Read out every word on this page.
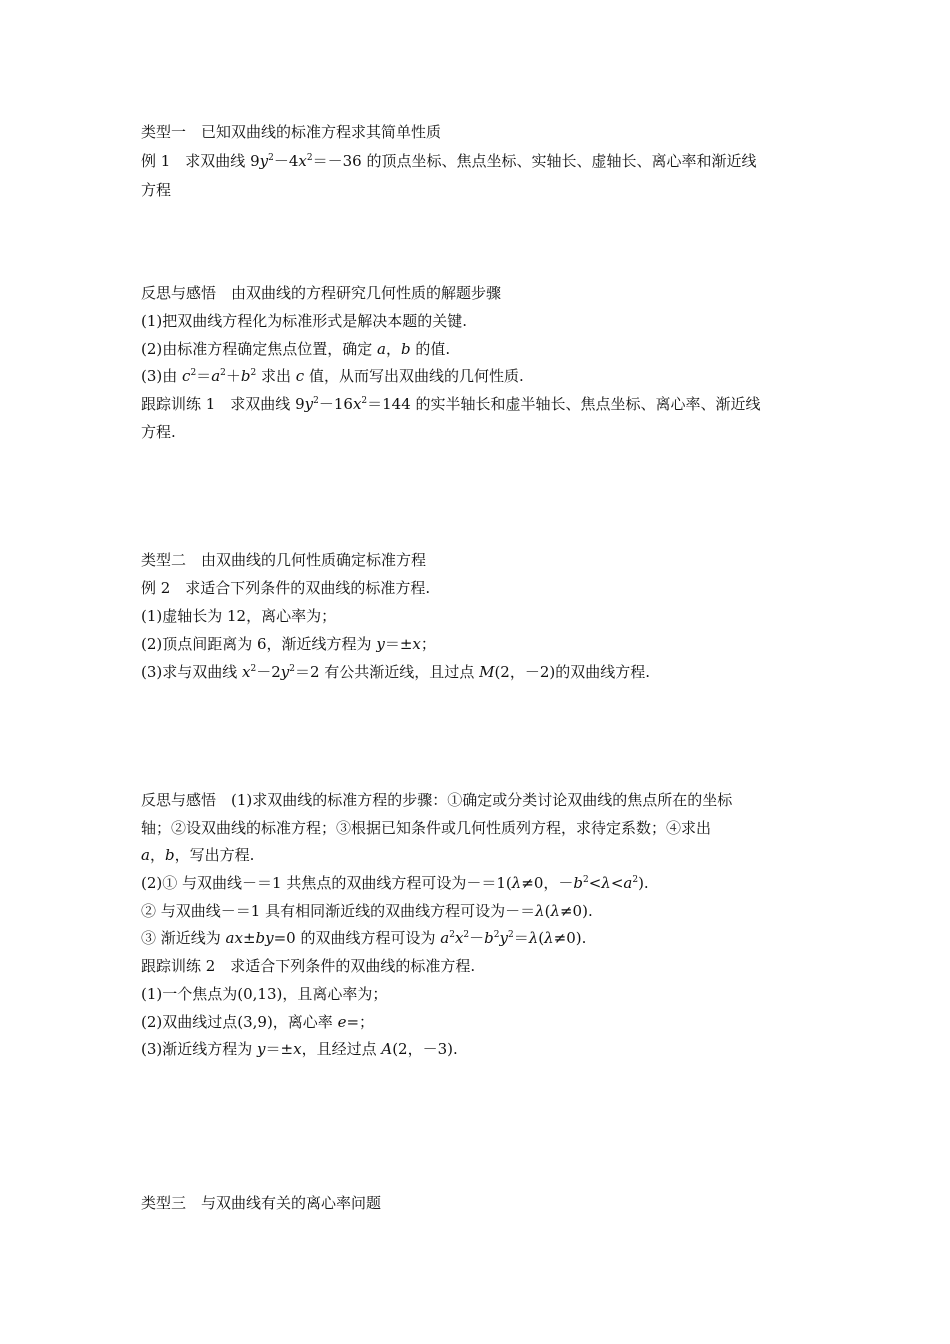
类型一　已知双曲线的标准方程求其简单性质
例 1　求双曲线 $9y^2-4x^2=-36$ 的顶点坐标、焦点坐标、实轴长、虚轴长、离心率和渐近线
方程
反思与感悟　由双曲线的方程研究几何性质的解题步骤
(1)把双曲线方程化为标准形式是解决本题的关键.
(2)由标准方程确定焦点位置，确定 a，b 的值.
(3)由 $c^2=a^2+b^2$ 求出 c 值，从而写出双曲线的几何性质.
跟踪训练 1　求双曲线 $9y^2-16x^2=144$ 的实半轴长和虚半轴长、焦点坐标、离心率、渐近线
方程.
类型二　由双曲线的几何性质确定标准方程
例 2　求适合下列条件的双曲线的标准方程.
(1)虚轴长为 12，离心率为；
(2)顶点间距离为 6，渐近线方程为 y＝±x；
(3)求与双曲线 $x^2-2y^2=2$ 有公共渐近线，且过点 M(2，－2)的双曲线方程.
反思与感悟　(1)求双曲线的标准方程的步骤：①确定或分类讨论双曲线的焦点所在的坐标
轴；②设双曲线的标准方程；③根据已知条件或几何性质列方程，求待定系数；④求出
a，b，写出方程.
(2)① 与双曲线－＝1 共焦点的双曲线方程可设为－＝1(λ≠0，$-b^2<\lambda<a^2$).
② 与双曲线－＝1 具有相同渐近线的双曲线方程可设为－＝λ(λ≠0).
③ 渐近线为 ax±by=0 的双曲线方程可设为 $a^2x^2-b^2y^2=\lambda(\lambda\ne 0)$.
跟踪训练 2　求适合下列条件的双曲线的标准方程.
(1)一个焦点为(0,13)，且离心率为；
(2)双曲线过点(3,9)，离心率 e=；
(3)渐近线方程为 y＝±x，且经过点 A(2，－3).
类型三　与双曲线有关的离心率问题
